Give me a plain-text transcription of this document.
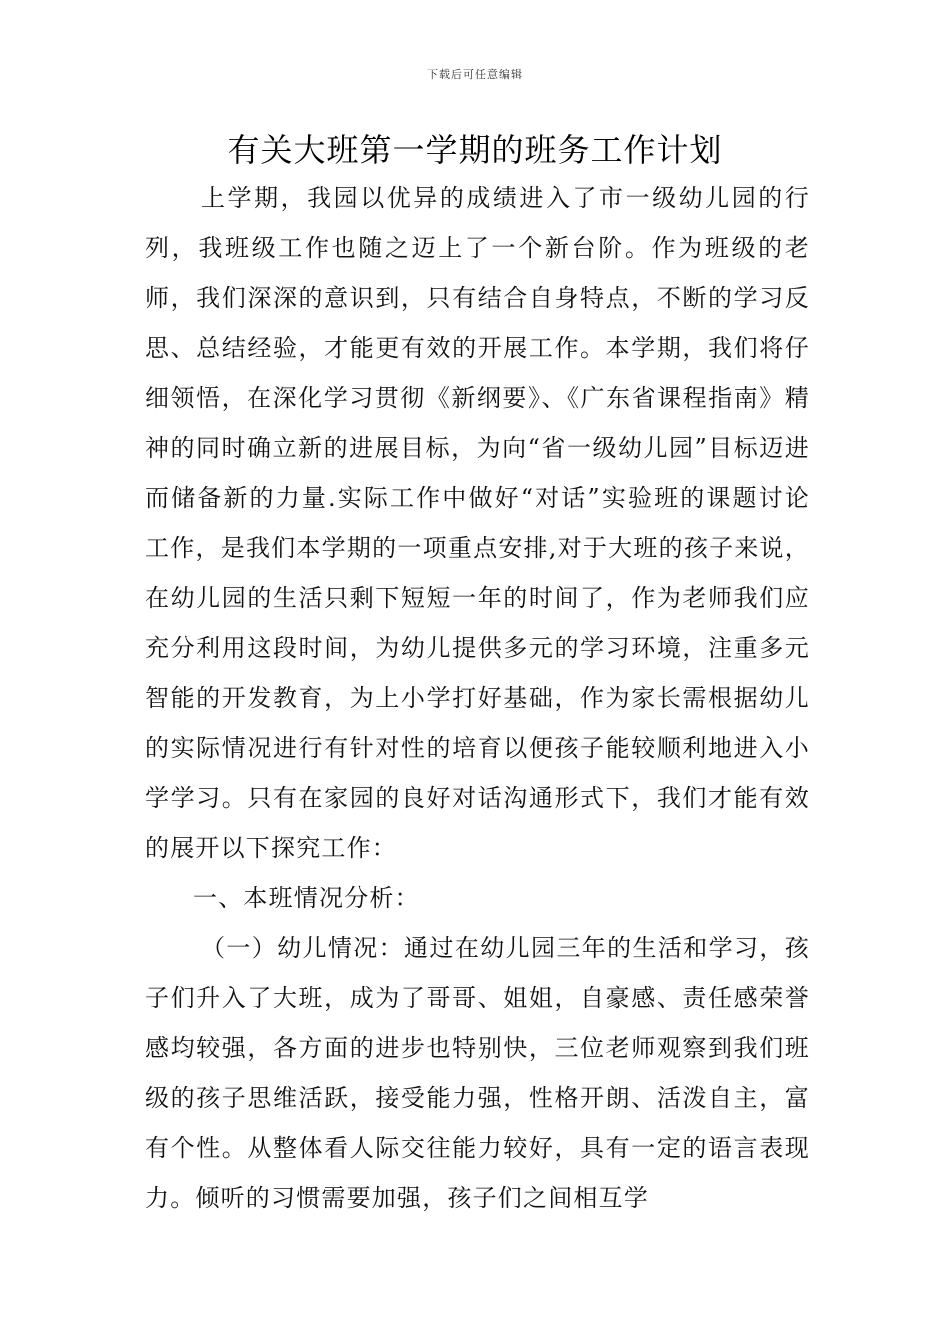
下载后可任意编辑
有关大班第一学期的班务工作计划

上学期，我园以优异的成绩进入了市一级幼儿园的行列，我班级工作也随之迈上了一个新台阶。作为班级的老师，我们深深的意识到，只有结合自身特点，不断的学习反思、总结经验，才能更有效的开展工作。本学期，我们将仔细领悟，在深化学习贯彻《新纲要》、《广东省课程指南》精神的同时确立新的进展目标，为向“省一级幼儿园”目标迈进而储备新的力量.实际工作中做好“对话”实验班的课题讨论工作，是我们本学期的一项重点安排,对于大班的孩子来说，在幼儿园的生活只剩下短短一年的时间了，作为老师我们应充分利用这段时间，为幼儿提供多元的学习环境，注重多元智能的开发教育，为上小学打好基础，作为家长需根据幼儿的实际情况进行有针对性的培育以便孩子能较顺利地进入小学学习。只有在家园的良好对话沟通形式下，我们才能有效的展开以下探究工作：

一、本班情况分析：

（一）幼儿情况：通过在幼儿园三年的生活和学习，孩子们升入了大班，成为了哥哥、姐姐，自豪感、责任感荣誉感均较强，各方面的进步也特别快，三位老师观察到我们班级的孩子思维活跃，接受能力强，性格开朗、活泼自主，富有个性。从整体看人际交往能力较好，具有一定的语言表现力。倾听的习惯需要加强，孩子们之间相互学
